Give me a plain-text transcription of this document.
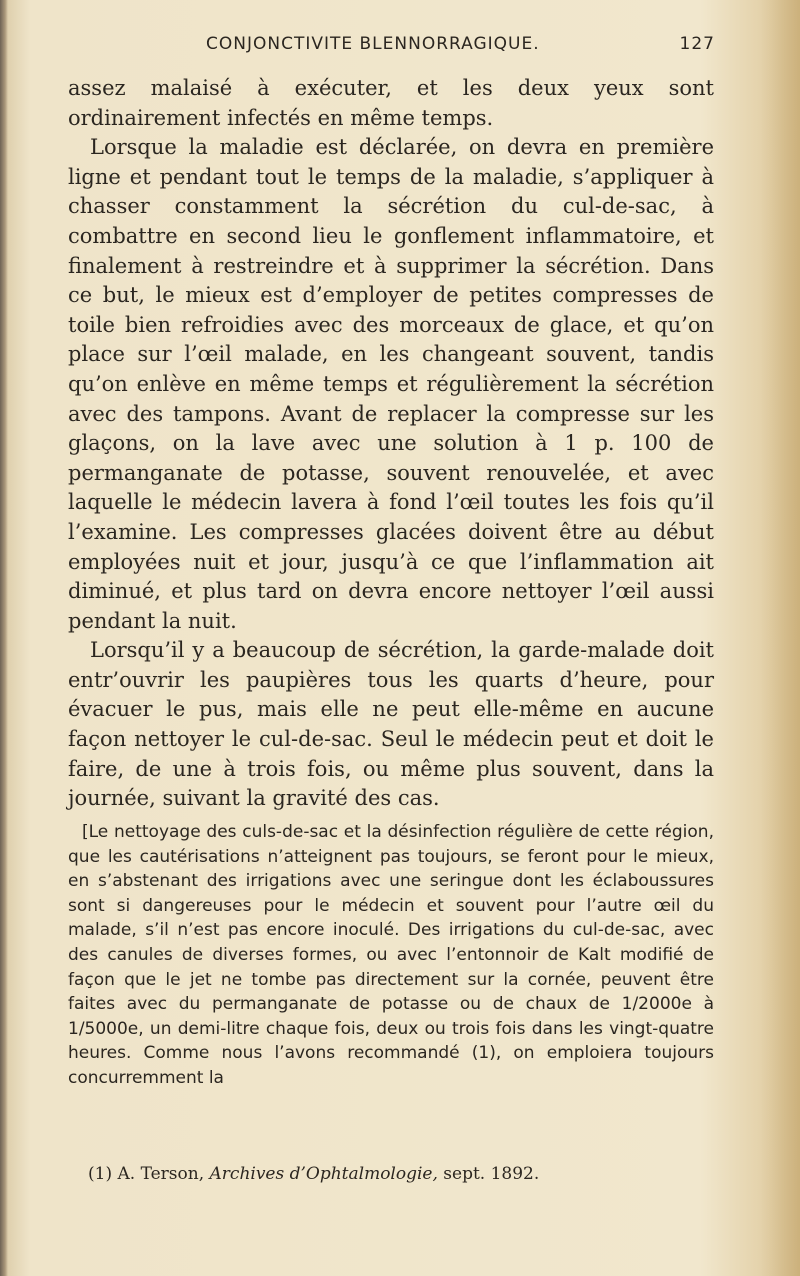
CONJONCTIVITE BLENNORRAGIQUE.	127

assez malaisé à exécuter, et les deux yeux sont ordinairement infectés en même temps.

Lorsque la maladie est déclarée, on devra en première ligne et pendant tout le temps de la maladie, s’appliquer à chasser constamment la sécrétion du cul-de-sac, à combattre en second lieu le gonflement inflammatoire, et finalement à restreindre et à supprimer la sécrétion. Dans ce but, le mieux est d’employer de petites compresses de toile bien refroidies avec des morceaux de glace, et qu’on place sur l’œil malade, en les changeant souvent, tandis qu’on enlève en même temps et régulièrement la sécrétion avec des tampons. Avant de replacer la compresse sur les glaçons, on la lave avec une solution à 1 p. 100 de permanganate de potasse, souvent renouvelée, et avec laquelle le médecin lavera à fond l’œil toutes les fois qu’il l’examine. Les compresses glacées doivent être au début employées nuit et jour, jusqu’à ce que l’inflammation ait diminué, et plus tard on devra encore nettoyer l’œil aussi pendant la nuit.

Lorsqu’il y a beaucoup de sécrétion, la garde-malade doit entr’ouvrir les paupières tous les quarts d’heure, pour évacuer le pus, mais elle ne peut elle-même en aucune façon nettoyer le cul-de-sac. Seul le médecin peut et doit le faire, de une à trois fois, ou même plus souvent, dans la journée, suivant la gravité des cas.

[Le nettoyage des culs-de-sac et la désinfection régulière de cette région, que les cautérisations n’atteignent pas toujours, se feront pour le mieux, en s’abstenant des irrigations avec une seringue dont les éclaboussures sont si dangereuses pour le médecin et souvent pour l’autre œil du malade, s’il n’est pas encore inoculé. Des irrigations du cul-de-sac, avec des canules de diverses formes, ou avec l’entonnoir de Kalt modifié de façon que le jet ne tombe pas directement sur la cornée, peuvent être faites avec du permanganate de potasse ou de chaux de 1/2000e à 1/5000e, un demi-litre chaque fois, deux ou trois fois dans les vingt-quatre heures. Comme nous l’avons recommandé (1), on emploiera toujours concurremment la

(1) A. Terson, Archives d’Ophtalmologie, sept. 1892.
